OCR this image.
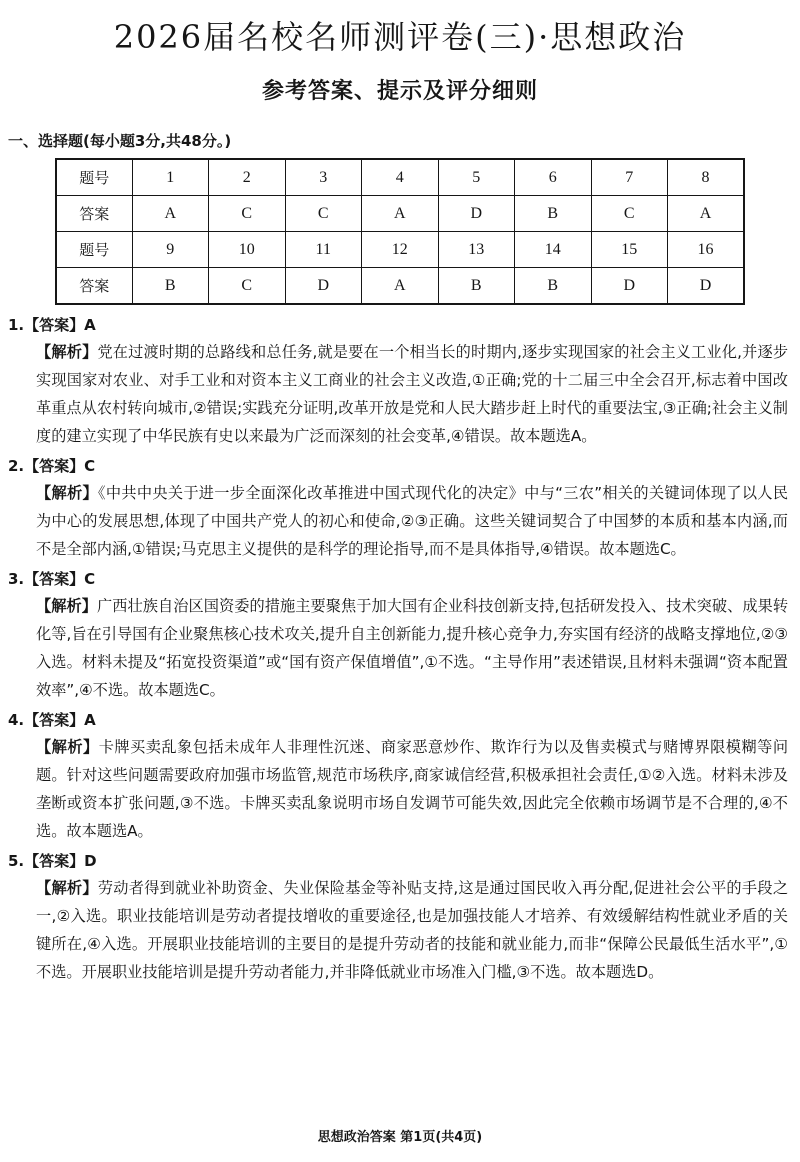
2026届名校名师测评卷(三)·思想政治
参考答案、提示及评分细则
一、选择题(每小题3分,共48分。)
题号	1	2	3	4	5	6	7	8
答案	A	C	C	A	D	B	C	A
题号	9	10	11	12	13	14	15	16
答案	B	C	D	A	B	B	D	D
1.【答案】A

【解析】党在过渡时期的总路线和总任务,就是要在一个相当长的时期内,逐步实现国家的社会主义工业化,并逐步实现国家对农业、对手工业和对资本主义工商业的社会主义改造,①正确;党的十二届三中全会召开,标志着中国改革重点从农村转向城市,②错误;实践充分证明,改革开放是党和人民大踏步赶上时代的重要法宝,③正确;社会主义制度的建立实现了中华民族有史以来最为广泛而深刻的社会变革,④错误。故本题选A。

2.【答案】C

【解析】《中共中央关于进一步全面深化改革推进中国式现代化的决定》中与“三农”相关的关键词体现了以人民为中心的发展思想,体现了中国共产党人的初心和使命,②③正确。这些关键词契合了中国梦的本质和基本内涵,而不是全部内涵,①错误;马克思主义提供的是科学的理论指导,而不是具体指导,④错误。故本题选C。

3.【答案】C

【解析】广西壮族自治区国资委的措施主要聚焦于加大国有企业科技创新支持,包括研发投入、技术突破、成果转化等,旨在引导国有企业聚焦核心技术攻关,提升自主创新能力,提升核心竞争力,夯实国有经济的战略支撑地位,②③入选。材料未提及“拓宽投资渠道”或“国有资产保值增值”,①不选。“主导作用”表述错误,且材料未强调“资本配置效率”,④不选。故本题选C。

4.【答案】A

【解析】卡牌买卖乱象包括未成年人非理性沉迷、商家恶意炒作、欺诈行为以及售卖模式与赌博界限模糊等问题。针对这些问题需要政府加强市场监管,规范市场秩序,商家诚信经营,积极承担社会责任,①②入选。材料未涉及垄断或资本扩张问题,③不选。卡牌买卖乱象说明市场自发调节可能失效,因此完全依赖市场调节是不合理的,④不选。故本题选A。

5.【答案】D

【解析】劳动者得到就业补助资金、失业保险基金等补贴支持,这是通过国民收入再分配,促进社会公平的手段之一,②入选。职业技能培训是劳动者提技增收的重要途径,也是加强技能人才培养、有效缓解结构性就业矛盾的关键所在,④入选。开展职业技能培训的主要目的是提升劳动者的技能和就业能力,而非“保障公民最低生活水平”,①不选。开展职业技能培训是提升劳动者能力,并非降低就业市场准入门槛,③不选。故本题选D。

思想政治答案 第1页(共4页)
